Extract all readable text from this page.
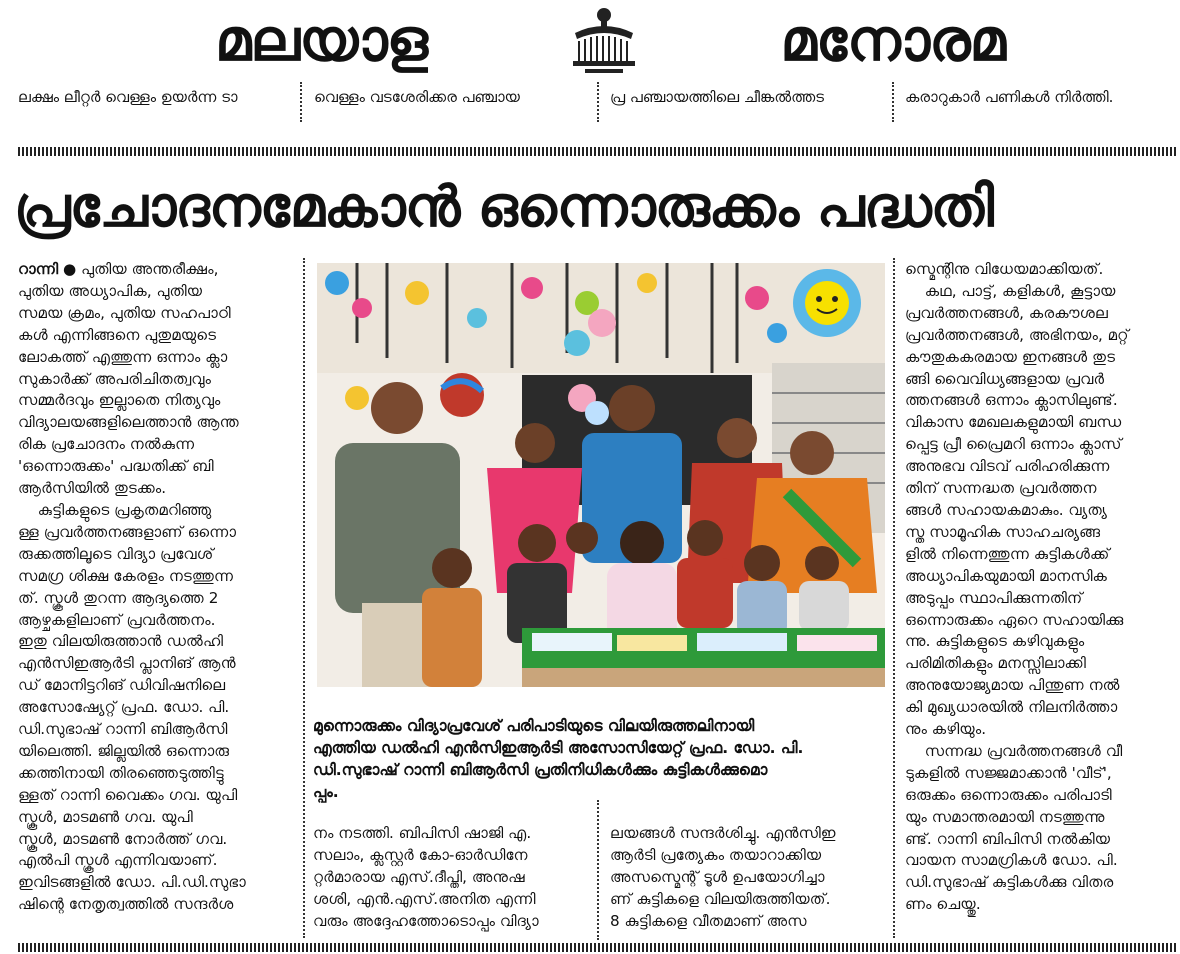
മലയാള	മനോരമ

ലക്ഷം ലീറ്റർ വെള്ളം ഉയർന്ന ടാ
	വെള്ളം വടശേരിക്കര പഞ്ചായ
	പ്ര പഞ്ചായത്തിലെ ചീങ്കൽത്തട
	കരാറുകാർ പണികൾ നിർത്തി.
പ്രചോദനമേകാൻ ഒന്നൊരുക്കം പദ്ധതി

റാന്നി ● പുതിയ അന്തരീക്ഷം,

പുതിയ അധ്യാപിക, പുതിയ

സമയ ക്രമം, പുതിയ സഹപാഠി

കൾ എന്നിങ്ങനെ പുതുമയുടെ

ലോകത്ത് എത്തുന്ന ഒന്നാം ക്ലാ

സുകാർക്ക് അപരിചിതത്വവും

സമ്മർദവും ഇല്ലാതെ നിത്യവും

വിദ്യാലയങ്ങളിലെത്താൻ ആന്ത

രിക പ്രചോദനം നൽകുന്ന

'ഒന്നൊരുക്കം' പദ്ധതിക്ക് ബി

ആർസിയിൽ തുടക്കം.

കുട്ടികളുടെ പ്രകൃതമറിഞ്ഞു

ള്ള പ്രവർത്തനങ്ങളാണ് ഒന്നൊ

രുക്കത്തിലൂടെ വിദ്യാ പ്രവേശ്

സമഗ്ര ശിക്ഷ കേരളം നടത്തുന്ന

ത്. സ്കൂൾ തുറന്ന ആദ്യത്തെ 2

ആഴ്ചകളിലാണ് പ്രവർത്തനം.

ഇതു വിലയിരുത്താൻ ഡൽഹി

എൻസിഇആർടി പ്ലാനിങ് ആൻ

ഡ് മോനിട്ടറിങ് ഡിവിഷനിലെ

അസോഷ്യേറ്റ് പ്രഫ. ഡോ. പി.

ഡി.സുഭാഷ് റാന്നി ബിആർസി

യിലെത്തി. ജില്ലയിൽ ഒന്നൊരു

ക്കത്തിനായി തിരഞ്ഞെടുത്തിട്ടു

ള്ളത് റാന്നി വൈക്കം ഗവ. യുപി

സ്കൂൾ, മാടമൺ ഗവ. യുപി

സ്കൂൾ, മാടമൺ നോർത്ത് ഗവ.

എൽപി സ്കൂൾ എന്നിവയാണ്.

ഇവിടങ്ങളിൽ ഡോ. പി.ഡി.സുഭാ

ഷിന്റെ നേതൃത്വത്തിൽ സന്ദർശ

മുന്നൊരുക്കം വിദ്യാപ്രവേശ് പരിപാടിയുടെ വിലയിരുത്തലിനായി
എത്തിയ ഡൽഹി എൻസിഇആർടി അസോസിയേറ്റ് പ്രഫ. ഡോ. പി.
ഡി.സുഭാഷ് റാന്നി ബിആർസി പ്രതിനിധികൾക്കും കുട്ടികൾക്കുമൊ
പ്പം.
നം നടത്തി. ബിപിസി ഷാജി എ.
സലാം, ക്ലസ്റ്റർ കോ-ഓർഡിനേ
റ്റർമാരായ എസ്.ദീപ്തി, അനുഷ
ശശി, എൻ.എസ്.അനിത എന്നി
വരും അദ്ദേഹത്തോടൊപ്പം വിദ്യാ
ലയങ്ങൾ സന്ദർശിച്ചു. എൻസിഇ
ആർടി പ്രത്യേകം തയാറാക്കിയ
അസസ്മെന്റ് ടൂൾ ഉപയോഗിച്ചാ
ണ് കുട്ടികളെ വിലയിരുത്തിയത്.
8 കുട്ടികളെ വീതമാണ് അസ

സ്മെന്റിനു വിധേയമാക്കിയത്.

കഥ, പാട്ട്, കളികൾ, കൂട്ടായ

പ്രവർത്തനങ്ങൾ, കരകൗശല

പ്രവർത്തനങ്ങൾ, അഭിനയം, മറ്റ്

കൗതുകകരമായ ഇനങ്ങൾ തുട

ങ്ങി വൈവിധ്യങ്ങളായ പ്രവർ

ത്തനങ്ങൾ ഒന്നാം ക്ലാസിലുണ്ട്.

വികാസ മേഖലകളുമായി ബന്ധ

പ്പെട്ട പ്രീ പ്രൈമറി ഒന്നാം ക്ലാസ്

അനുഭവ വിടവ് പരിഹരിക്കുന്ന

തിന് സന്നദ്ധത പ്രവർത്തന

ങ്ങൾ സഹായകമാകും. വ്യത്യ

സ്ത സാമൂഹിക സാഹചര്യങ്ങ

ളിൽ നിന്നെത്തുന്ന കുട്ടികൾക്ക്

അധ്യാപികയുമായി മാനസിക

അടുപ്പം സ്ഥാപിക്കുന്നതിന്

ഒന്നൊരുക്കം ഏറെ സഹായിക്കു

ന്നു. കുട്ടികളുടെ കഴിവുകളും

പരിമിതികളും മനസ്സിലാക്കി

അനുയോജ്യമായ പിന്തുണ നൽ

കി മുഖ്യധാരയിൽ നിലനിർത്താ

നും കഴിയും.

സന്നദ്ധ പ്രവർത്തനങ്ങൾ വീ

ടുകളിൽ സജ്ജമാക്കാൻ 'വീട്',

ഒരുക്കം ഒന്നൊരുക്കം പരിപാടി

യും സമാന്തരമായി നടത്തുന്നു

ണ്ട്. റാന്നി ബിപിസി നൽകിയ

വായന സാമഗ്രികൾ ഡോ. പി.

ഡി.സുഭാഷ് കുട്ടികൾക്കു വിതര

ണം ചെയ്തു.
